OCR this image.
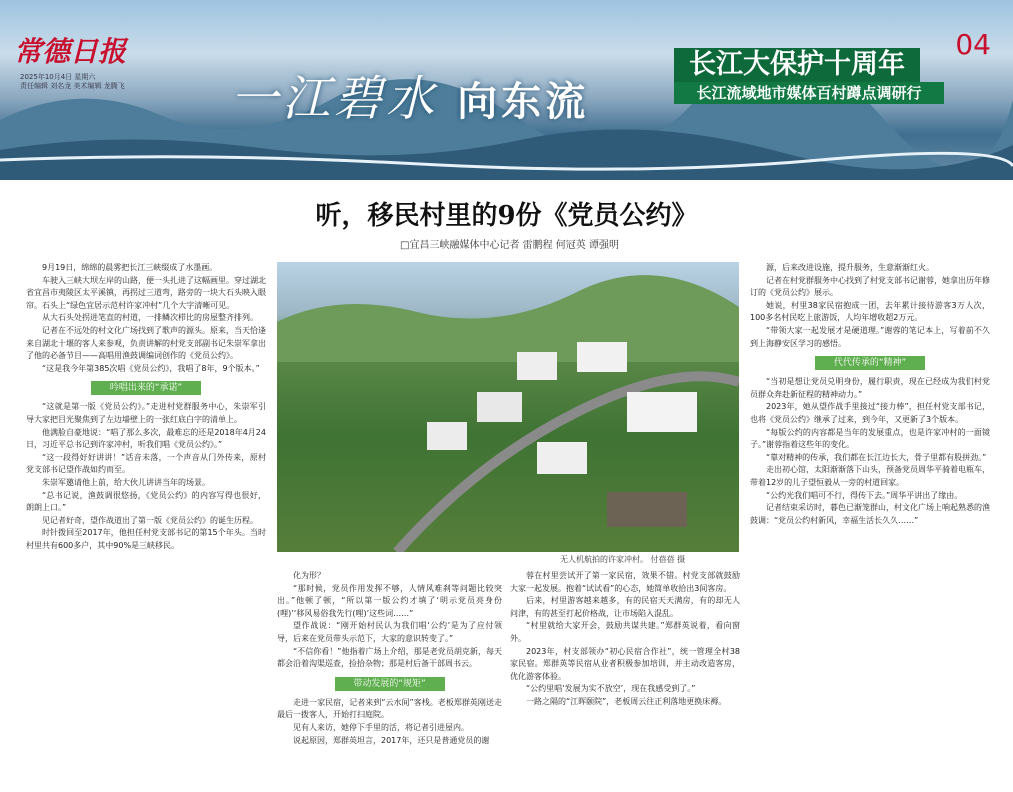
常德日报
2025年10月4日 星期六
责任编辑 刘名龙 美术编辑 龙腾飞 一江碧水 向东流
04
长江大保护十周年
长江流域地市媒体百村蹲点调研行
听，移民村里的9份《党员公约》
□宜昌三峡融媒体中心记者 雷鹏程 何冠英 谭强明

9月19日，绵绵的晨雾把长江三峡缀成了水墨画。

车驶入三峡大坝左岸的山路，便一头扎进了这幅画里。穿过湖北省宜昌市夷陵区太平溪镇，再拐过三道弯，路旁的一块大石头映入眼帘。石头上“绿色宜居示范村许家冲村”几个大字清晰可见。

从大石头处拐进笔直的村道，一排鳞次栉比的房屋整齐排列。

记者在不远处的村文化广场找到了歌声的源头。原来，当天恰逢来自湖北十堰的客人来参观，负责讲解的村党支部副书记朱崇军拿出了他的必备节目——高唱用渔鼓调编词创作的《党员公约》。

“这是我今年第385次唱《党员公约》，我唱了8年，9个版本。”

吟唱出来的“承诺”

“这就是第一版《党员公约》。”走进村党群服务中心，朱崇军引导大家把目光聚焦到了左边墙壁上的一张红底白字的清单上。

他满脸自豪地说：“唱了那么多次，最难忘的还是2018年4月24日，习近平总书记到许家冲村，听我们唱《党员公约》。”

“这一段得好好讲讲！”话音未落，一个声音从门外传来，原村党支部书记望作战如约而至。

朱崇军邀请他上前，给大伙儿讲讲当年的场景。

“总书记说，渔鼓调很悠扬，《党员公约》的内容写得也很好，朗朗上口。”

见记者好奇，望作战道出了第一版《党员公约》的诞生历程。

时针拨回至2017年，他担任村党支部书记的第15个年头。当时村里共有600多户，其中90%是三峡移民。

无人机航拍的许家冲村。 付蓓蓓 摄

化为形？

“那时候，党员作用发挥不够，人情风难刹等问题比较突出。”他顿了顿，“所以第一版公约才填了‘明示党员亮身份(哩)’‘移风易俗我先行(哩)’这些词……”

望作战说：“刚开始村民认为我们唱‘公约’是为了应付领导，后来在党员带头示范下，大家的意识转变了。”

“不信你看！”他指着广场上介绍，那是老党员胡克新，每天都会沿着沟渠巡查，捡拾杂物；那是村后备干部周书云。

带动发展的“规矩”

走进一家民宿，记者来到“云水间”客栈。老板郑群英刚送走最后一拨客人，开始打扫庭院。

见有人来访，她停下手里的活，将记者引进屋内。

说起原因，郑群英坦言，2017年，还只是普通党员的谢

蓉在村里尝试开了第一家民宿，效果不错。村党支部就鼓励大家一起发展。抱着“试试看”的心态，她简单收拾出3间客房。

后来，村里游客越来越多，有的民宿天天满房，有的却无人问津，有的甚至打起价格战，让市场陷入混乱。

“村里就给大家开会，鼓励共谋共建。”郑群英说着，看向窗外。

2023年，村支部领办“初心民宿合作社”，统一管理全村38家民宿。郑群英等民宿从业者积极参加培训，并主动改造客房，优化游客体验。

“公约里唱‘发展为实不放空’，现在我感受到了。”

一路之隔的“江晖颐院”，老板周云往正利落地更换床褥。

源，后来改进设施，提升服务，生意渐渐红火。

记者在村党群服务中心找到了村党支部书记谢蓉，她拿出历年修订的《党员公约》展示。

她说，村里38家民宿抱成一团，去年累计接待游客3万人次，100多名村民吃上旅游饭，人均年增收超2万元。

“带领大家一起发展才是硬道理。”谢蓉的笔记本上，写着前不久到上海静安区学习的感悟。

代代传承的“精神”

“当初是想让党员兑明身份，履行职责，现在已经成为我们村党员群众奔赴新征程的精神动力。”

2023年，她从望作战手里接过“接力棒”，担任村党支部书记，也将《党员公约》继承了过来，到今年，又更新了3个版本。

“每版公约的内容都是当年的发展重点，也是许家冲村的一面镜子。”谢蓉指着这些年的变化。

“靠对精神的传承，我们都在长江边长大，骨子里都有股拼劲。”

走出初心馆，太阳渐渐落下山头，预备党员周华平骑着电瓶车，带着12岁的儿子望恒毅从一旁的村道回家。

“公约光我们唱可不行，得传下去。”周华平讲出了缘由。

记者结束采访时，暮色已渐笼群山，村文化广场上响起熟悉的渔鼓调：“党员公约村新风，幸福生活长久久……”
